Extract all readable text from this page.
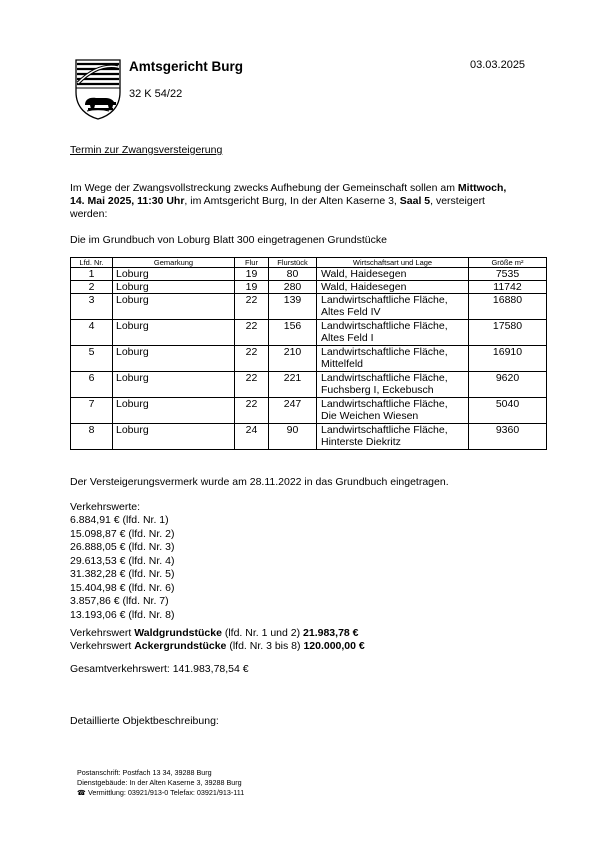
Amtsgericht Burg
32 K 54/22
03.03.2025
Termin zur Zwangsversteigerung
Im Wege der Zwangsvollstreckung zwecks Aufhebung der Gemeinschaft sollen am Mittwoch,
14. Mai 2025, 11:30 Uhr, im Amtsgericht Burg, In der Alten Kaserne 3, Saal 5, versteigert
werden:
Die im Grundbuch von Loburg Blatt 300 eingetragenen Grundstücke
Lfd. Nr.	Gemarkung	Flur	Flurstück	Wirtschaftsart und Lage	Größe m²
1	Loburg	19	80	Wald, Haidesegen	7535
2	Loburg	19	280	Wald, Haidesegen	11742
3	Loburg	22	139	Landwirtschaftliche Fläche,
Altes Feld IV	16880
4	Loburg	22	156	Landwirtschaftliche Fläche,
Altes Feld I	17580
5	Loburg	22	210	Landwirtschaftliche Fläche,
Mittelfeld	16910
6	Loburg	22	221	Landwirtschaftliche Fläche,
Fuchsberg I, Eckebusch	9620
7	Loburg	22	247	Landwirtschaftliche Fläche,
Die Weichen Wiesen	5040
8	Loburg	24	90	Landwirtschaftliche Fläche,
Hinterste Diekritz	9360
Der Versteigerungsvermerk wurde am 28.11.2022 in das Grundbuch eingetragen.
Verkehrswerte:
6.884,91 € (lfd. Nr. 1)
15.098,87 € (lfd. Nr. 2)
26.888,05 € (lfd. Nr. 3)
29.613,53 € (lfd. Nr. 4)
31.382,28 € (lfd. Nr. 5)
15.404,98 € (lfd. Nr. 6)
3.857,86 € (lfd. Nr. 7)
13.193,06 € (lfd. Nr. 8)
Verkehrswert Waldgrundstücke (lfd. Nr. 1 und 2) 21.983,78 €
Verkehrswert Ackergrundstücke (lfd. Nr. 3 bis 8) 120.000,00 €
Gesamtverkehrswert: 141.983,78,54 €
Detaillierte Objektbeschreibung:
Postanschrift: Postfach 13 34, 39288 Burg
Dienstgebäude: In der Alten Kaserne 3, 39288 Burg
☎ Vermittlung: 03921/913-0 Telefax: 03921/913-111
